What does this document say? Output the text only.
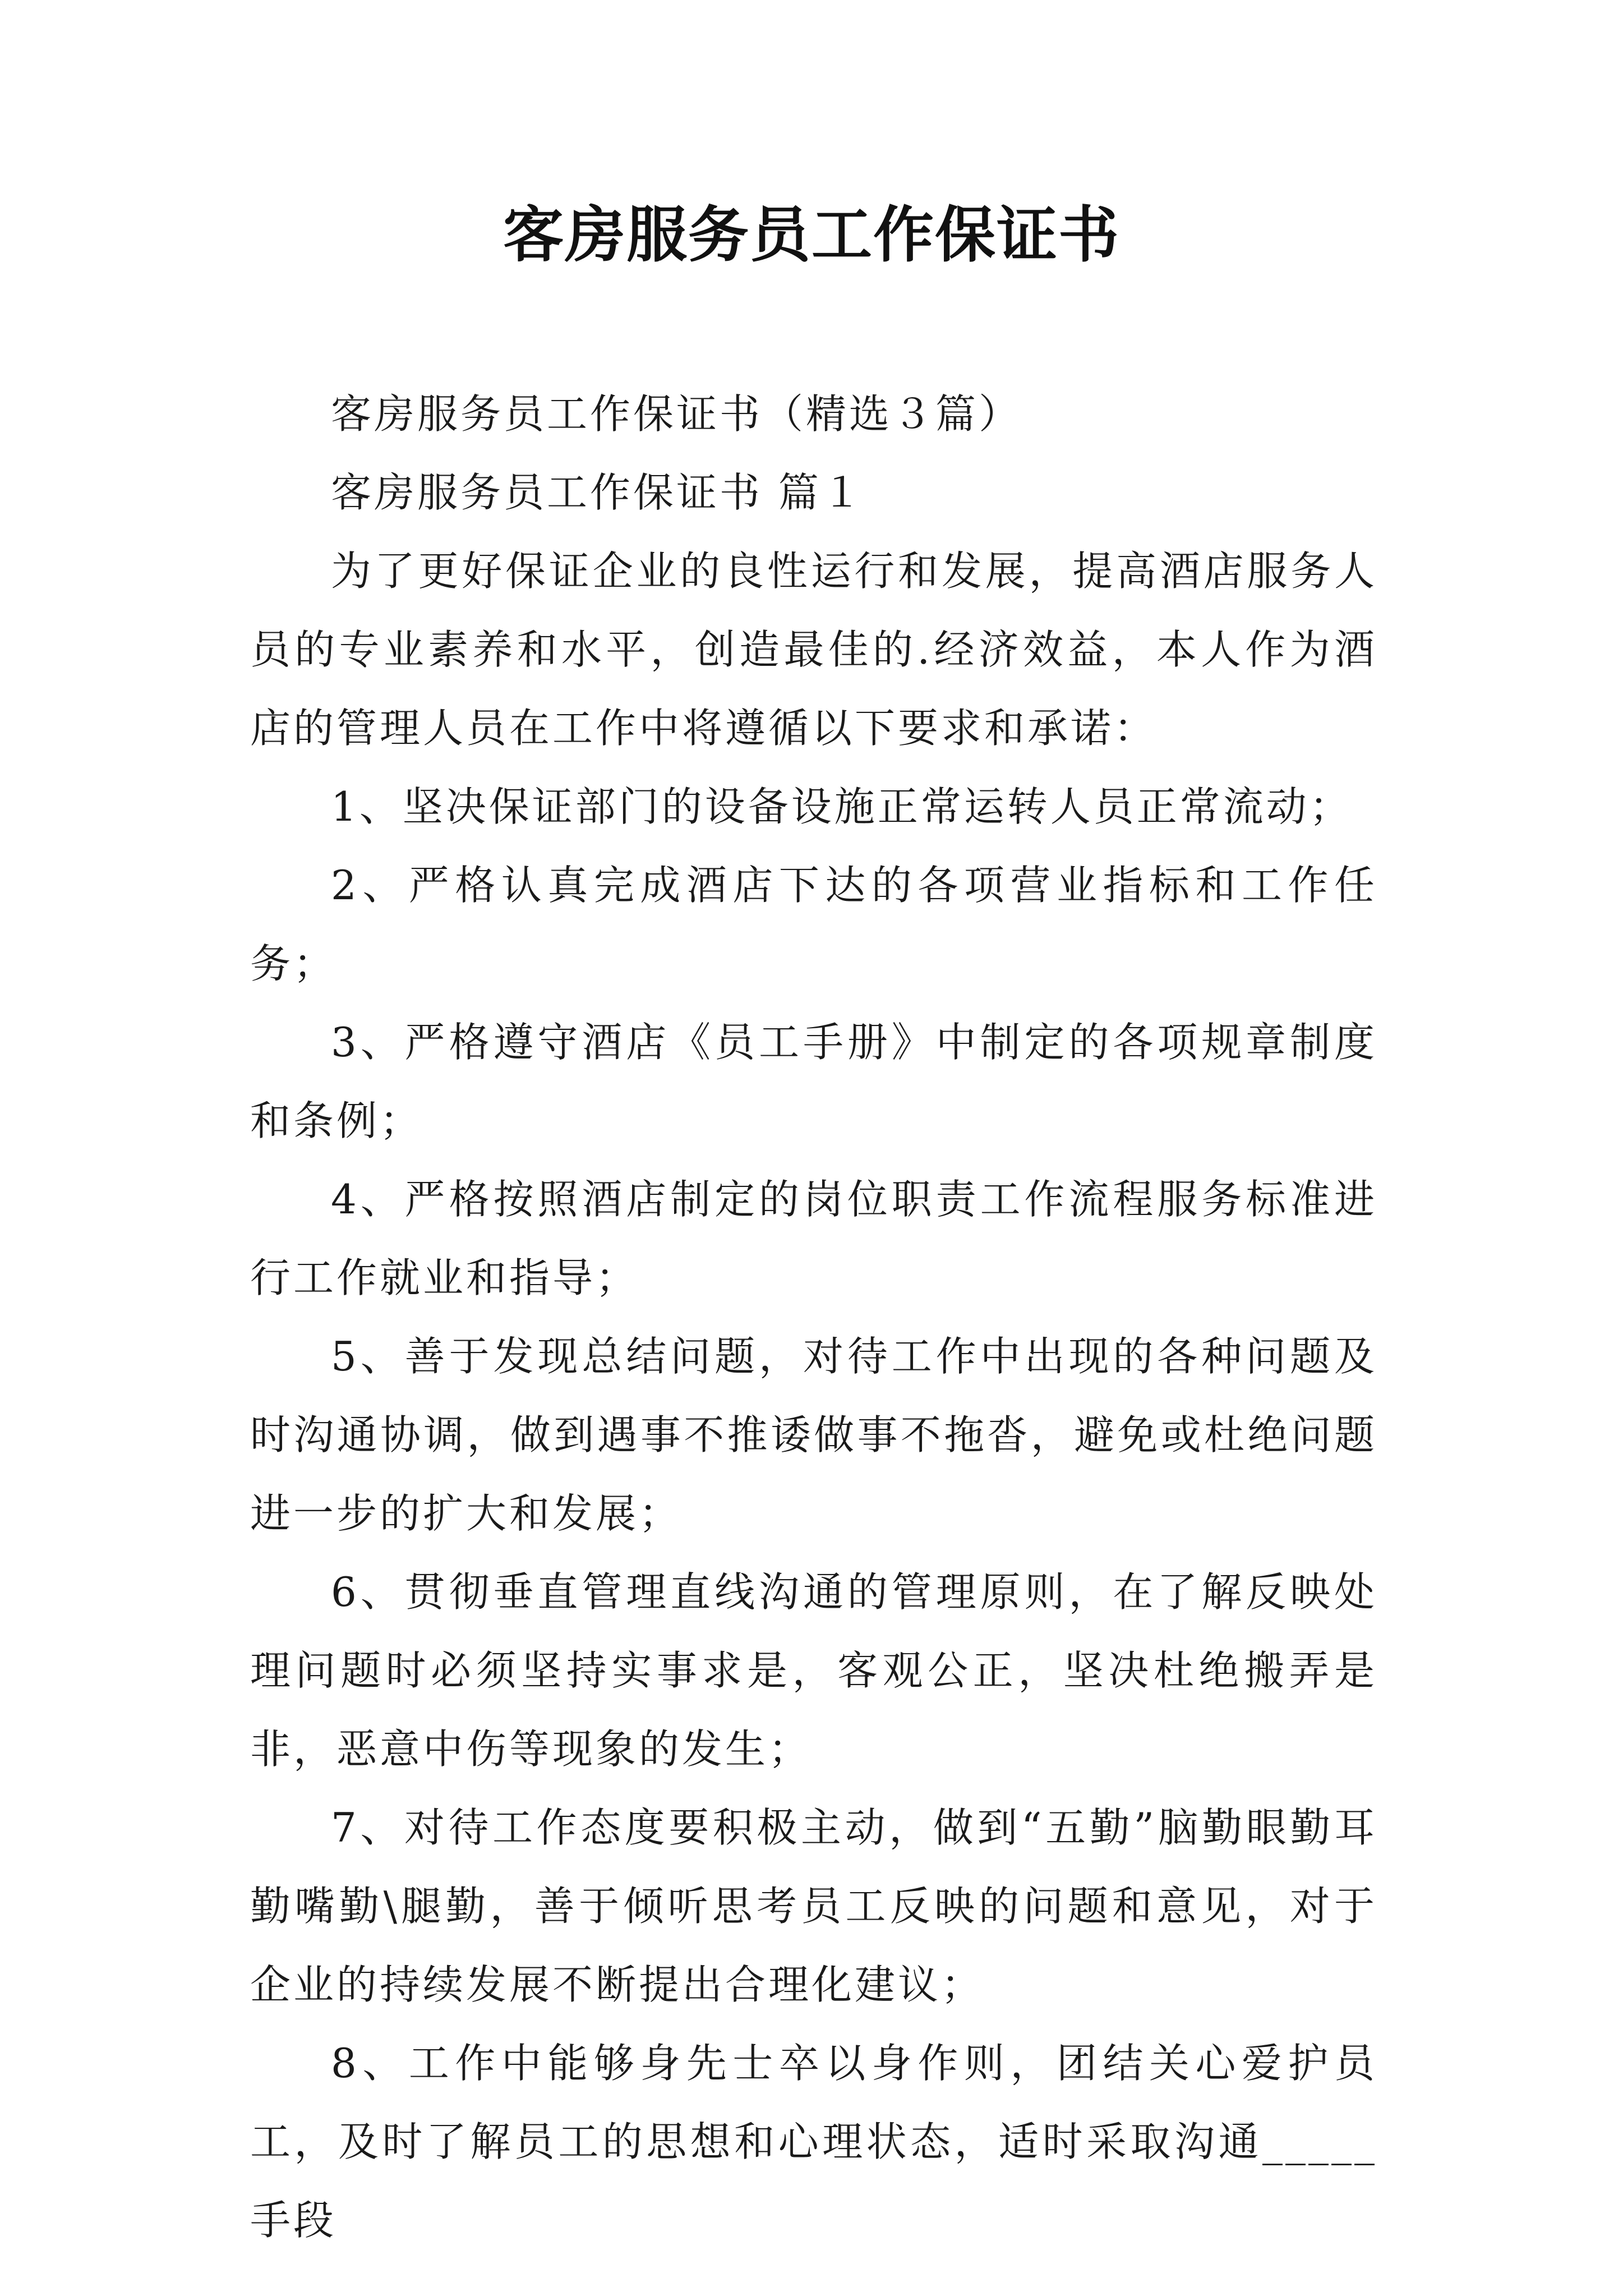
客房服务员工作保证书

客房服务员工作保证书（精选３篇）

客房服务员工作保证书 篇１

为了更好保证企业的良性运行和发展，提高酒店服务人员的专业素养和水平，创造最佳的.经济效益，本人作为酒店的管理人员在工作中将遵循以下要求和承诺：

1、坚决保证部门的设备设施正常运转人员正常流动；

2、严格认真完成酒店下达的各项营业指标和工作任务；

3、严格遵守酒店《员工手册》中制定的各项规章制度和条例；

4、严格按照酒店制定的岗位职责工作流程服务标准进行工作就业和指导；

5、善于发现总结问题，对待工作中出现的各种问题及时沟通协调，做到遇事不推诿做事不拖沓，避免或杜绝问题进一步的扩大和发展；

6、贯彻垂直管理直线沟通的管理原则，在了解反映处理问题时必须坚持实事求是，客观公正，坚决杜绝搬弄是非，恶意中伤等现象的发生；

7、对待工作态度要积极主动，做到“五勤”脑勤眼勤耳勤嘴勤\腿勤，善于倾听思考员工反映的问题和意见，对于企业的持续发展不断提出合理化建议；

8、工作中能够身先士卒以身作则，团结关心爱护员工，及时了解员工的思想和心理状态，适时采取沟通_____手段
